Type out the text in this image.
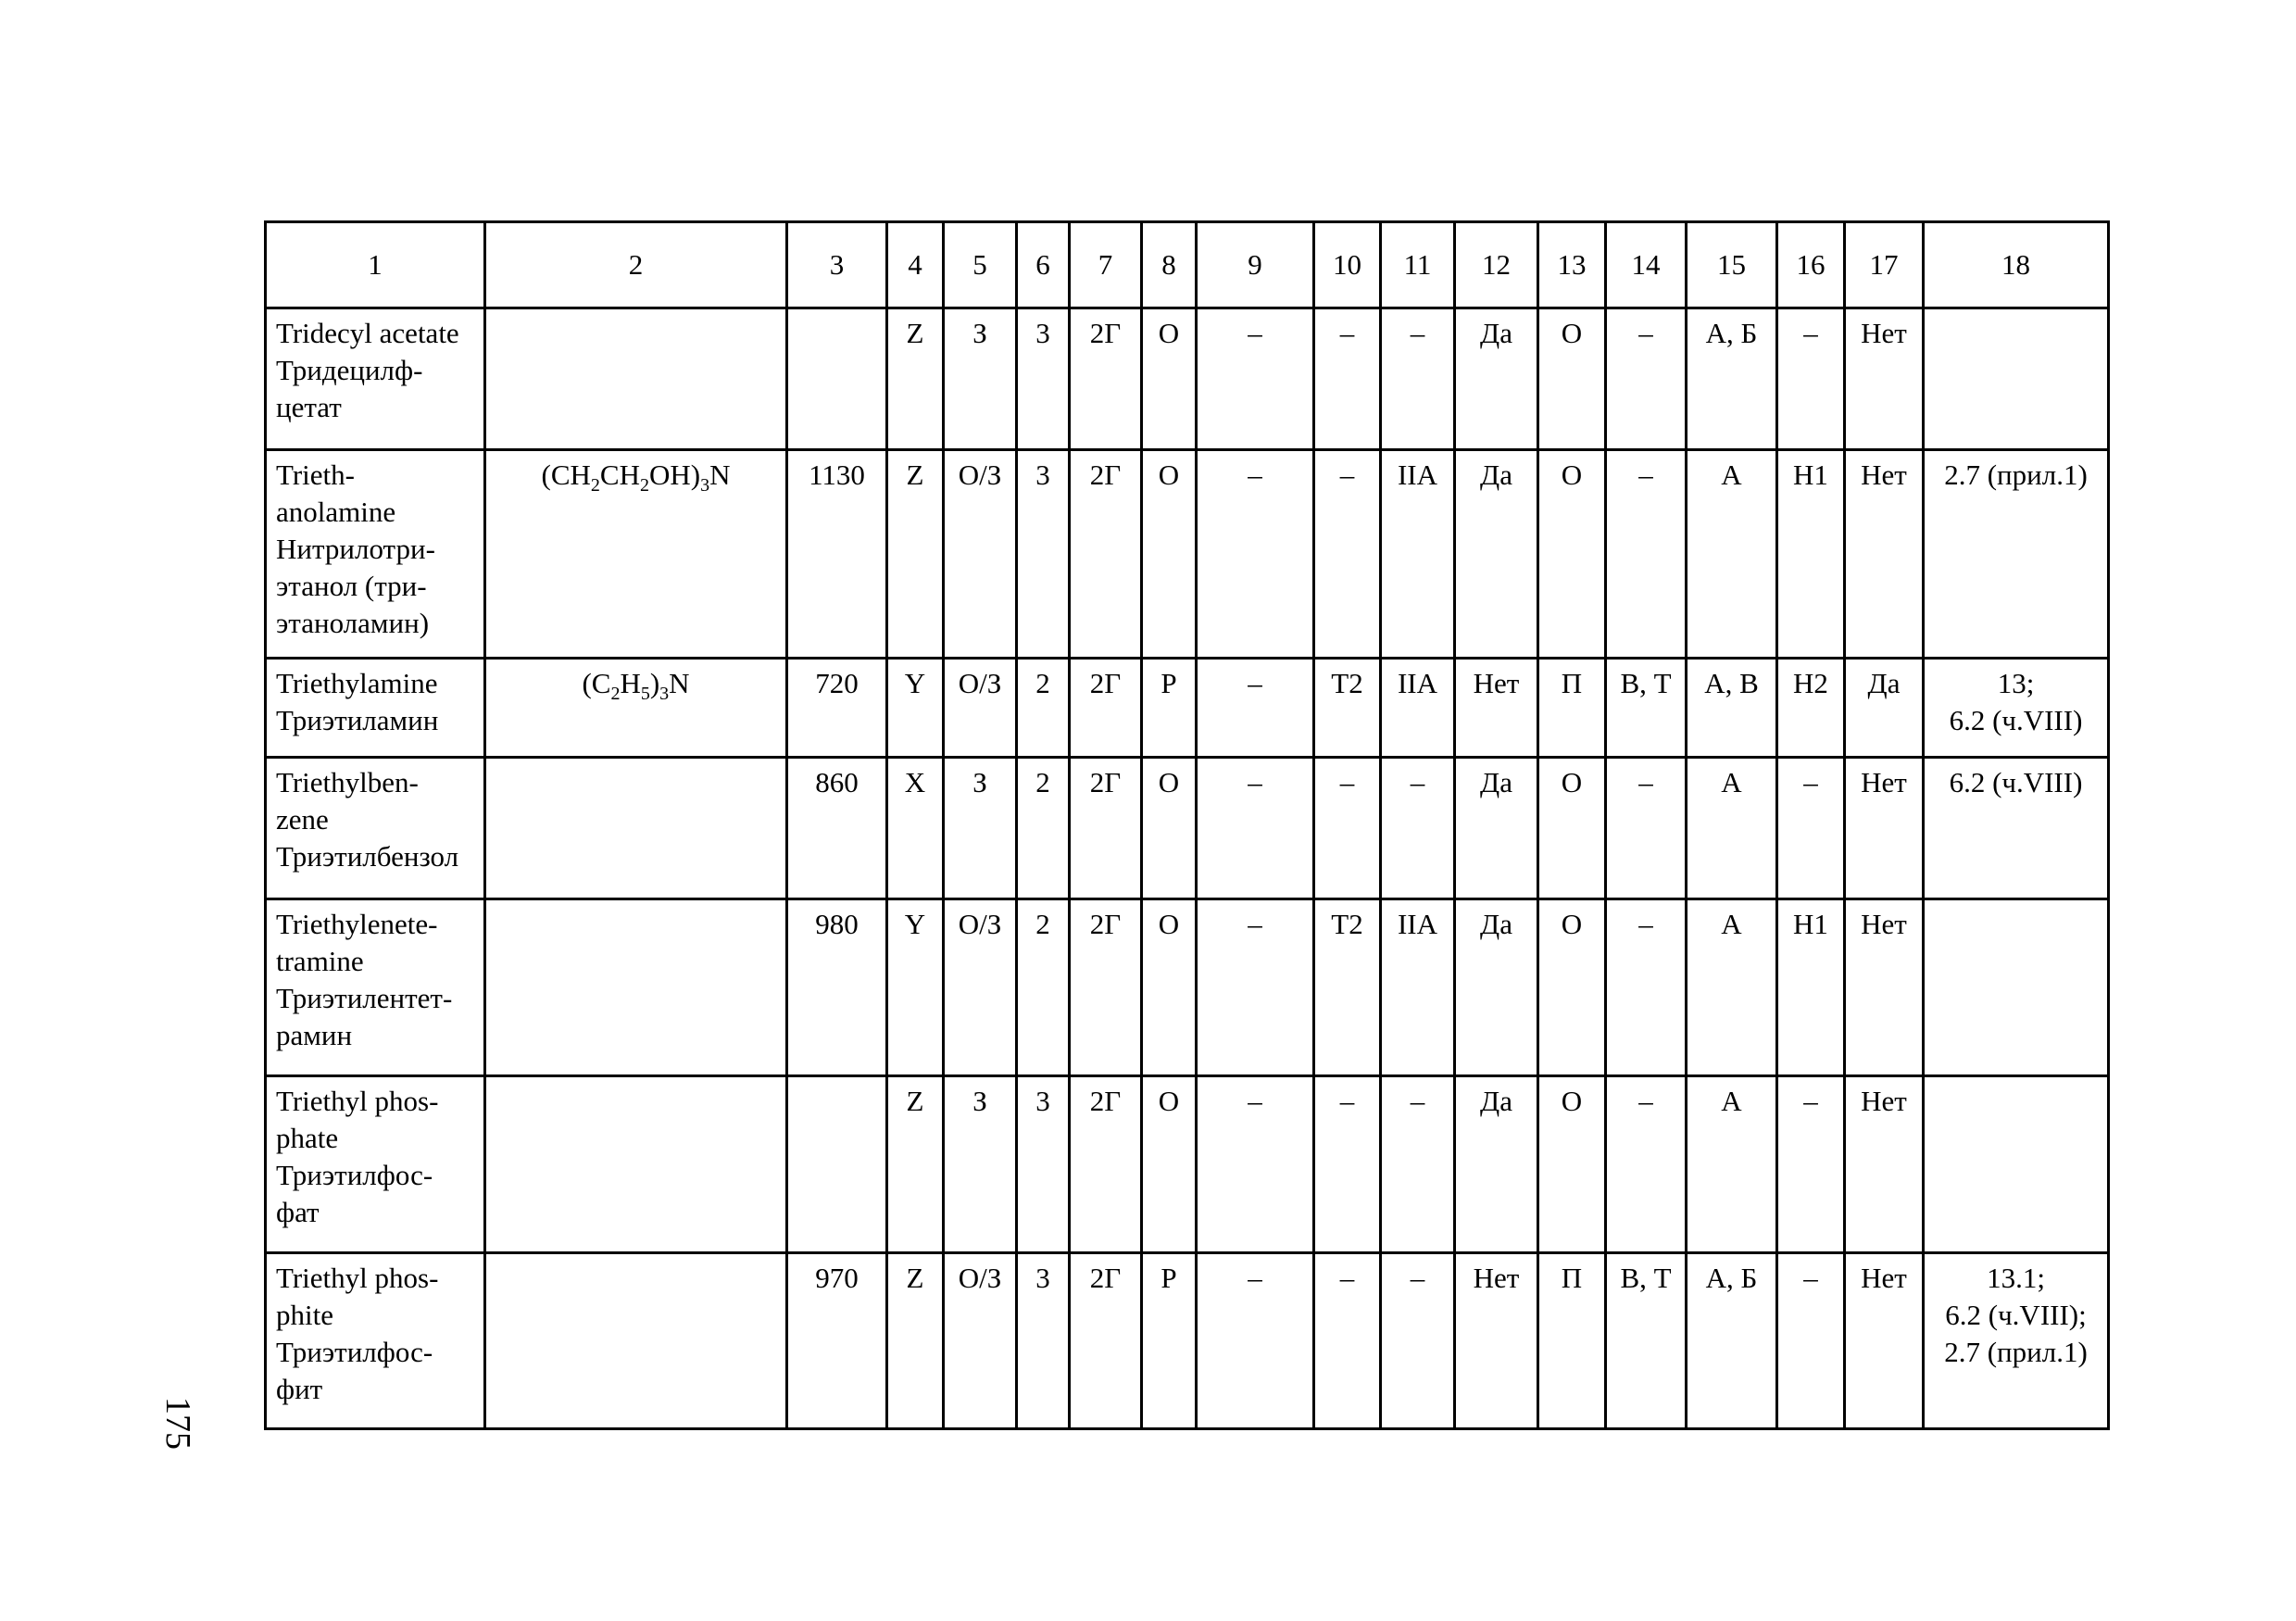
1	2	3	4	5	6	7	8	9	10	11	12	13	14	15	16	17	18

Tridecyl acetate
Тридецилф-
цетат			Z	З	3	2Г	О	–	–	–	Да	О	–	А, Б	–	Нет	

Trieth-
anolamine
Нитрилотри-
этанол (три-
этаноламин)	$(CH_2CH_2OH)_3N$	1130	Z	О/З	3	2Г	О	–	–	IIА	Да	О	–	А	Н1	Нет	2.7 (прил.1)

Triethylamine
Триэтиламин	$(C_2H_5)_3N$	720	Y	О/З	2	2Г	Р	–	Т2	IIА	Нет	П	В, Т	А, В	Н2	Да	13;
6.2 (ч.VIII)

Triethylben-
zene
Триэтилбензол		860	X	З	2	2Г	О	–	–	–	Да	О	–	А	–	Нет	6.2 (ч.VIII)

Triethylenete-
tramine
Триэтилентет-
рамин		980	Y	О/З	2	2Г	О	–	Т2	IIА	Да	О	–	А	Н1	Нет	

Triethyl phos-
phate
Триэтилфос-
фат			Z	З	3	2Г	О	–	–	–	Да	О	–	А	–	Нет	

Triethyl phos-
phite
Триэтилфос-
фит		970	Z	О/З	3	2Г	Р	–	–	–	Нет	П	В, Т	А, Б	–	Нет	13.1;
6.2 (ч.VIII);
2.7 (прил.1)
175
